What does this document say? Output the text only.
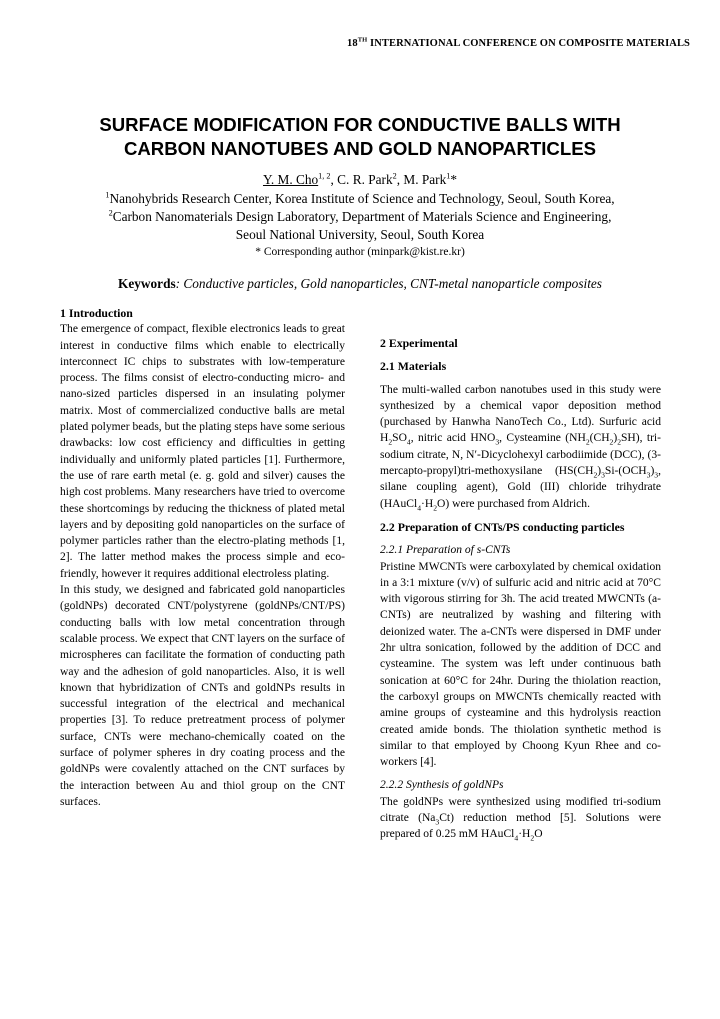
18TH INTERNATIONAL CONFERENCE ON COMPOSITE MATERIALS
SURFACE MODIFICATION FOR CONDUCTIVE BALLS WITH
CARBON NANOTUBES AND GOLD NANOPARTICLES
Y. M. Cho$^{1, 2}$, C. R. Park$^2$, M. Park$^1$*
$^1$Nanohybrids Research Center, Korea Institute of Science and Technology, Seoul, South Korea,
$^2$Carbon Nanomaterials Design Laboratory, Department of Materials Science and Engineering,
Seoul National University, Seoul, South Korea
* Corresponding author (minpark@kist.re.kr)
Keywords: Conductive particles, Gold nanoparticles, CNT-metal nanoparticle composites
1 Introduction
The emergence of compact, flexible electronics leads to great interest in conductive films which enable to electrically interconnect IC chips to substrates with low-temperature process. The films consist of electro-conducting micro- and nano-sized particles dispersed in an insulating polymer matrix. Most of commercialized conductive balls are metal plated polymer beads, but the plating steps have some serious drawbacks: low cost efficiency and difficulties in getting individually and uniformly plated particles [1]. Furthermore, the use of rare earth metal (e. g. gold and silver) causes the high cost problems. Many researchers have tried to overcome these shortcomings by reducing the thickness of plated metal layers and by depositing gold nanoparticles on the surface of polymer particles rather than the electro-plating methods [1, 2]. The latter method makes the process simple and eco-friendly, however it requires additional electroless plating.
In this study, we designed and fabricated gold nanoparticles (goldNPs) decorated CNT/polystyrene (goldNPs/CNT/PS) conducting balls with low metal concentration through scalable process. We expect that CNT layers on the surface of microspheres can facilitate the formation of conducting path way and the adhesion of gold nanoparticles. Also, it is well known that hybridization of CNTs and goldNPs results in successful integration of the electrical and mechanical properties [3]. To reduce pretreatment process of polymer surface, CNTs were mechano-chemically coated on the surface of polymer spheres in dry coating process and the goldNPs were covalently attached on the CNT surfaces by the interaction between Au and thiol group on the CNT surfaces.
2 Experimental
2.1 Materials
The multi-walled carbon nanotubes used in this study were synthesized by a chemical vapor deposition method (purchased by Hanwha NanoTech Co., Ltd). Surfuric acid $H_2SO_4$, nitric acid $HNO_3$, Cysteamine $(NH_2(CH_2)_2SH)$, tri-sodium citrate, N, N′-Dicyclohexyl carbodiimide (DCC), (3-mercapto-propyl)tri-methoxysilane ($HS(CH_2)_3Si-(OCH_3)_3$, silane coupling agent), Gold (III) chloride trihydrate $(HAuCl_4\cdot H_2O)$ were purchased from Aldrich.
2.2 Preparation of CNTs/PS conducting particles
2.2.1 Preparation of s-CNTs
Pristine MWCNTs were carboxylated by chemical oxidation in a 3:1 mixture (v/v) of sulfuric acid and nitric acid at 70°C with vigorous stirring for 3h. The acid treated MWCNTs (a-CNTs) are neutralized by washing and filtering with deionized water. The a-CNTs were dispersed in DMF under 2hr ultra sonication, followed by the addition of DCC and cysteamine. The system was left under continuous bath sonication at 60°C for 24hr. During the thiolation reaction, the carboxyl groups on MWCNTs chemically reacted with amine groups of cysteamine and this hydrolysis reaction created amide bonds. The thiolation synthetic method is similar to that employed by Choong Kyun Rhee and co-workers [4].
2.2.2 Synthesis of goldNPs
The goldNPs were synthesized using modified tri-sodium citrate $(Na_3Ct)$ reduction method [5]. Solutions were prepared of 0.25 mM $HAuCl_4\cdot H_2O$
